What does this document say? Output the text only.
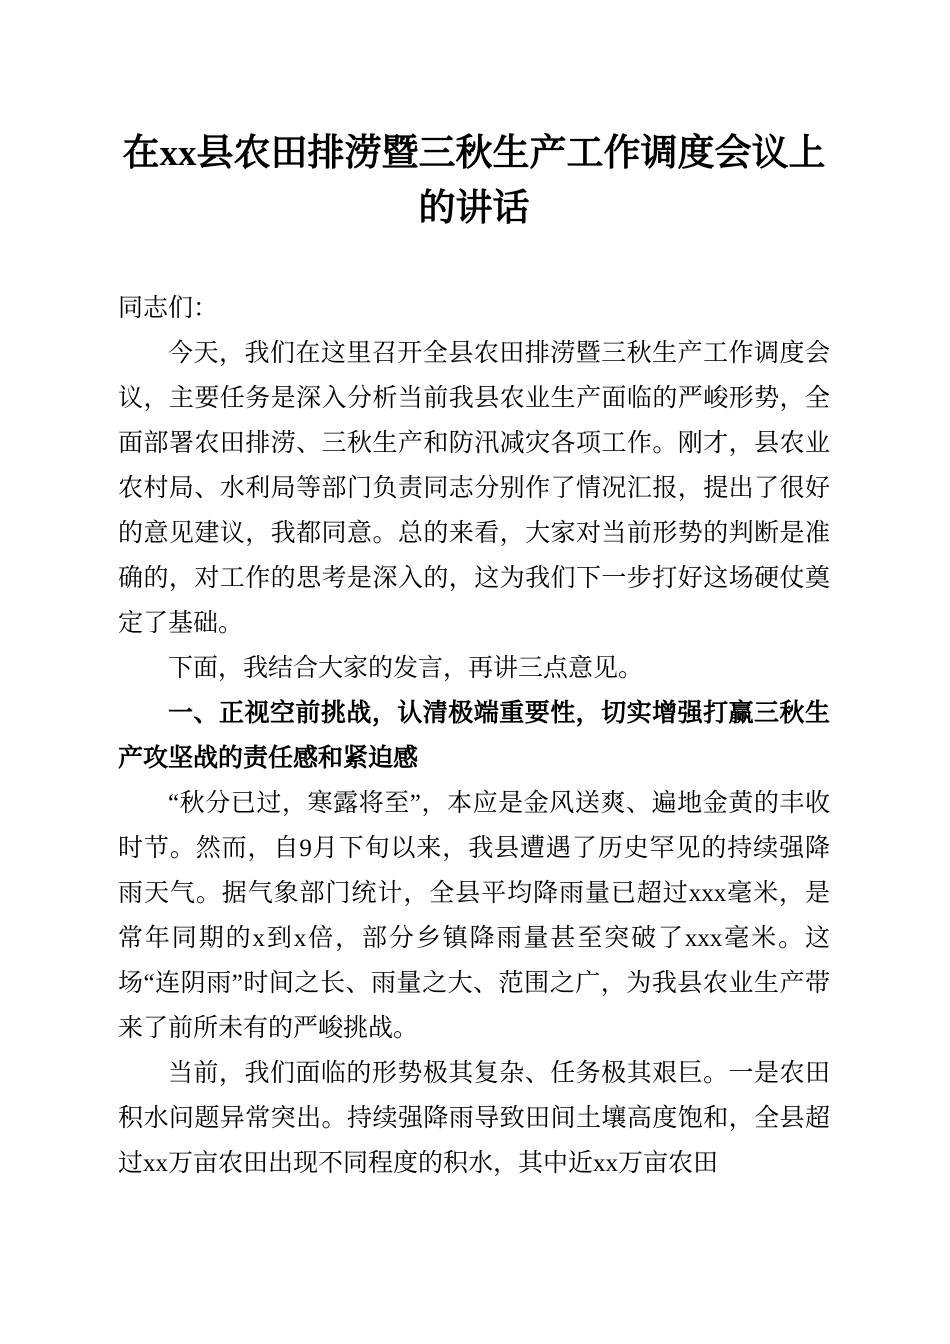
在xx县农田排涝暨三秋生产工作调度会议上的讲话

同志们：

今天，我们在这里召开全县农田排涝暨三秋生产工作调度会议，主要任务是深入分析当前我县农业生产面临的严峻形势，全面部署农田排涝、三秋生产和防汛减灾各项工作。刚才，县农业农村局、水利局等部门负责同志分别作了情况汇报，提出了很好的意见建议，我都同意。总的来看，大家对当前形势的判断是准确的，对工作的思考是深入的，这为我们下一步打好这场硬仗奠定了基础。

下面，我结合大家的发言，再讲三点意见。

一、正视空前挑战，认清极端重要性，切实增强打赢三秋生产攻坚战的责任感和紧迫感

“秋分已过，寒露将至”，本应是金风送爽、遍地金黄的丰收时节。然而，自9月下旬以来，我县遭遇了历史罕见的持续强降雨天气。据气象部门统计，全县平均降雨量已超过xxx毫米，是常年同期的x到x倍，部分乡镇降雨量甚至突破了xxx毫米。这场“连阴雨”时间之长、雨量之大、范围之广，为我县农业生产带来了前所未有的严峻挑战。

当前，我们面临的形势极其复杂、任务极其艰巨。一是农田积水问题异常突出。持续强降雨导致田间土壤高度饱和，全县超过xx万亩农田出现不同程度的积水，其中近xx万亩农田
